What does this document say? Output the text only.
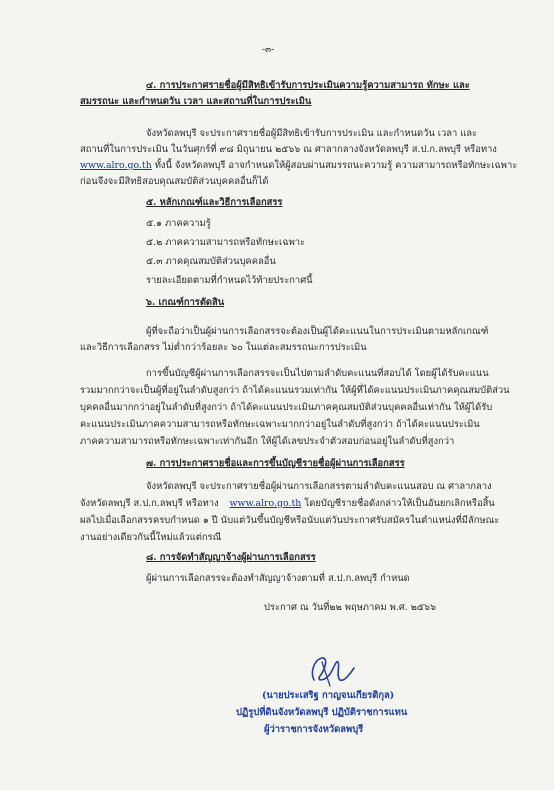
-๓-
๔. การประกาศรายชื่อผู้มีสิทธิเข้ารับการประเมินความรู้ความสามารถ ทักษะ และ
สมรรถนะ และกำหนดวัน เวลา และสถานที่ในการประเมิน
จังหวัดลพบุรี จะประกาศรายชื่อผู้มีสิทธิเข้ารับการประเมิน และกำหนดวัน เวลา และ
สถานที่ในการประเมิน ในวันศุกร์ที่ ๙๘ มิถุนายน ๒๕๖๖ ณ ศาลากลางจังหวัดลพบุรี ส.ป.ก.ลพบุรี หรือทาง
www.alro.go.th ทั้งนี้ จังหวัดลพบุรี อาจกำหนดให้ผู้สอบผ่านสมรรถนะความรู้ ความสามารถหรือทักษะเฉพาะ
ก่อนจึงจะมีสิทธิสอบคุณสมบัติส่วนบุคคลอื่นก็ได้
๕. หลักเกณฑ์และวิธีการเลือกสรร
๕.๑ ภาคความรู้
๕.๒ ภาคความสามารถหรือทักษะเฉพาะ
๕.๓ ภาคคุณสมบัติส่วนบุคคลอื่น
รายละเอียดตามที่กำหนดไว้ท้ายประกาศนี้
๖. เกณฑ์การตัดสิน
ผู้ที่จะถือว่าเป็นผู้ผ่านการเลือกสรรจะต้องเป็นผู้ได้คะแนนในการประเมินตามหลักเกณฑ์
และวิธีการเลือกสรร ไม่ต่ำกว่าร้อยละ ๖๐ ในแต่ละสมรรถนะการประเมิน
การขึ้นบัญชีผู้ผ่านการเลือกสรรจะเป็นไปตามลำดับคะแนนที่สอบได้ โดยผู้ได้รับคะแนน
รวมมากกว่าจะเป็นผู้ที่อยู่ในลำดับสูงกว่า ถ้าได้คะแนนรวมเท่ากัน ให้ผู้ที่ได้คะแนนประเมินภาคคุณสมบัติส่วน
บุคคลอื่นมากกว่าอยู่ในลำดับที่สูงกว่า ถ้าได้คะแนนประเมินภาคคุณสมบัติส่วนบุคคลอื่นเท่ากัน ให้ผู้ได้รับ
คะแนนประเมินภาคความสามารถหรือทักษะเฉพาะมากกว่าอยู่ในลำดับที่สูงกว่า ถ้าได้คะแนนประเมิน
ภาคความสามารถหรือทักษะเฉพาะเท่ากันอีก ให้ผู้ได้เลขประจำตัวสอบก่อนอยู่ในลำดับที่สูงกว่า
๗. การประกาศรายชื่อและการขึ้นบัญชีรายชื่อผู้ผ่านการเลือกสรร
จังหวัดลพบุรี จะประกาศรายชื่อผู้ผ่านการเลือกสรรตามลำดับคะแนนสอบ ณ ศาลากลาง
จังหวัดลพบุรี ส.ป.ก.ลพบุรี หรือทาง www.alro.go.th โดยบัญชีรายชื่อดังกล่าวให้เป็นอันยกเลิกหรือสิ้น
ผลไปเมื่อเลือกสรรครบกำหนด ๑ ปี นับแต่วันขึ้นบัญชีหรือนับแต่วันประกาศรับสมัครในตำแหน่งที่มีลักษณะ
งานอย่างเดียวกันนี้ใหม่แล้วแต่กรณี
๘. การจัดทำสัญญาจ้างผู้ผ่านการเลือกสรร
ผู้ผ่านการเลือกสรรจะต้องทำสัญญาจ้างตามที่ ส.ป.ก.ลพบุรี กำหนด
ประกาศ ณ วันที่๒๒ พฤษภาคม พ.ศ. ๒๕๖๖
(นายประเสริฐ กาญจนเกียรติกุล)
ปฏิรูปที่ดินจังหวัดลพบุรี ปฏิบัติราชการแทน
ผู้ว่าราชการจังหวัดลพบุรี
